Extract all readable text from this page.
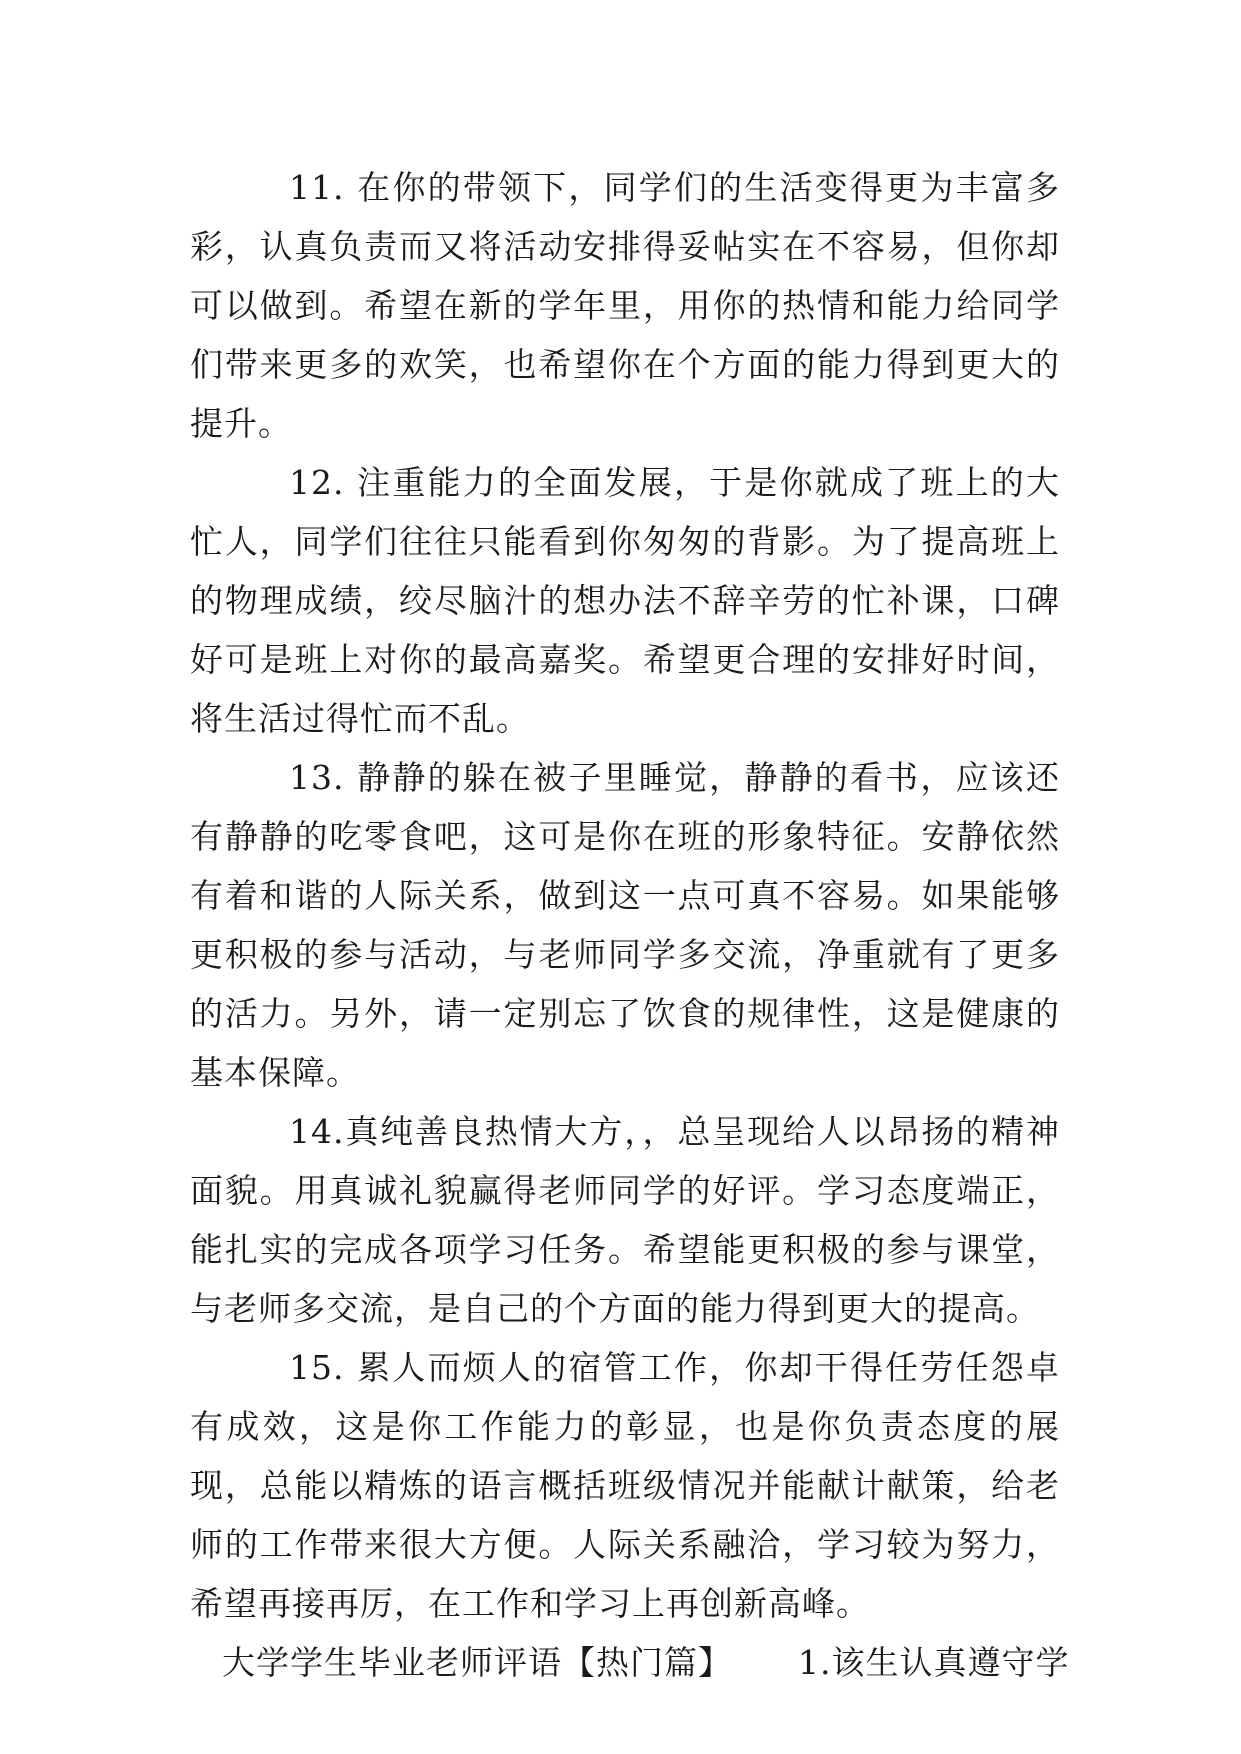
11. 在你的带领下，同学们的生活变得更为丰富多彩，认真负责而又将活动安排得妥帖实在不容易，但你却可以做到。希望在新的学年里，用你的热情和能力给同学们带来更多的欢笑，也希望你在个方面的能力得到更大的提升。

12. 注重能力的全面发展，于是你就成了班上的大忙人，同学们往往只能看到你匆匆的背影。为了提高班上的物理成绩，绞尽脑汁的想办法不辞辛劳的忙补课，口碑好可是班上对你的最高嘉奖。希望更合理的安排好时间，将生活过得忙而不乱。

13. 静静的躲在被子里睡觉，静静的看书，应该还有静静的吃零食吧，这可是你在班的形象特征。安静依然有着和谐的人际关系，做到这一点可真不容易。如果能够更积极的参与活动，与老师同学多交流，净重就有了更多的活力。另外，请一定别忘了饮食的规律性，这是健康的基本保障。

14.真纯善良热情大方，，总呈现给人以昂扬的精神面貌。用真诚礼貌赢得老师同学的好评。学习态度端正，能扎实的完成各项学习任务。希望能更积极的参与课堂，与老师多交流，是自己的个方面的能力得到更大的提高。

15. 累人而烦人的宿管工作，你却干得任劳任怨卓有成效，这是你工作能力的彰显，也是你负责态度的展现，总能以精炼的语言概括班级情况并能献计献策，给老师的工作带来很大方便。人际关系融洽，学习较为努力，希望再接再厉，在工作和学习上再创新高峰。

大学学生毕业老师评语【热门篇】 1.该生认真遵守学
